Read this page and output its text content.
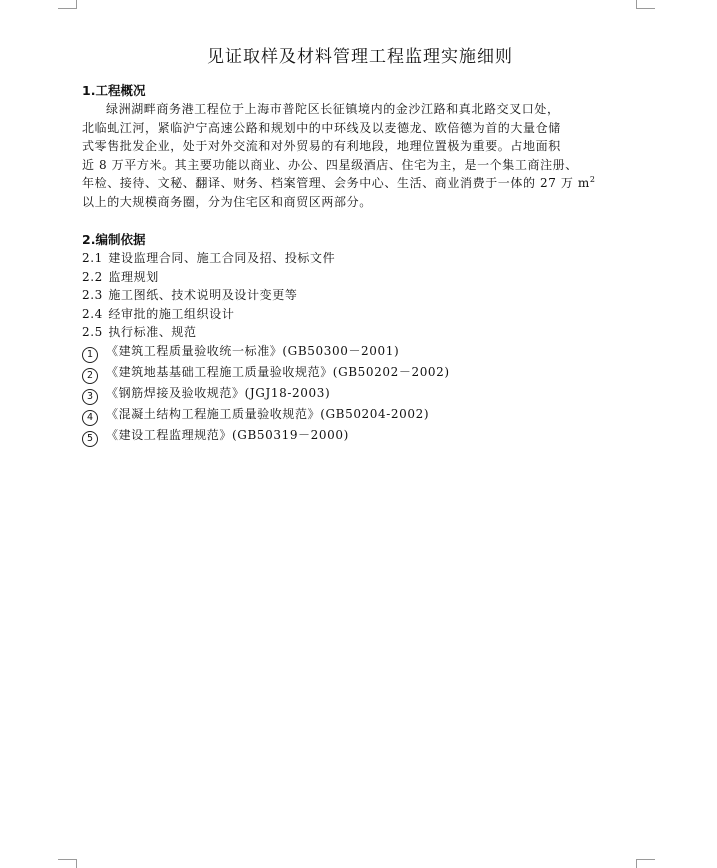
见证取样及材料管理工程监理实施细则
1.工程概况
绿洲湖畔商务港工程位于上海市普陀区长征镇境内的金沙江路和真北路交叉口处，
北临虬江河，紧临沪宁高速公路和规划中的中环线及以麦德龙、欧倍德为首的大量仓储
式零售批发企业，处于对外交流和对外贸易的有利地段，地理位置极为重要。占地面积
近 8 万平方米。其主要功能以商业、办公、四星级酒店、住宅为主，是一个集工商注册、
年检、接待、文秘、翻译、财务、档案管理、会务中心、生活、商业消费于一体的 27 万 $m^2$
以上的大规模商务圈，分为住宅区和商贸区两部分。
2.编制依据
2.1 建设监理合同、施工合同及招、投标文件
2.2 监理规划
2.3 施工图纸、技术说明及设计变更等
2.4 经审批的施工组织设计
2.5 执行标准、规范
1 《建筑工程质量验收统一标准》(GB50300－2001)
2 《建筑地基基础工程施工质量验收规范》(GB50202－2002)
3 《钢筋焊接及验收规范》(JGJ18-2003)
4 《混凝土结构工程施工质量验收规范》(GB50204-2002)
5 《建设工程监理规范》(GB50319－2000)
